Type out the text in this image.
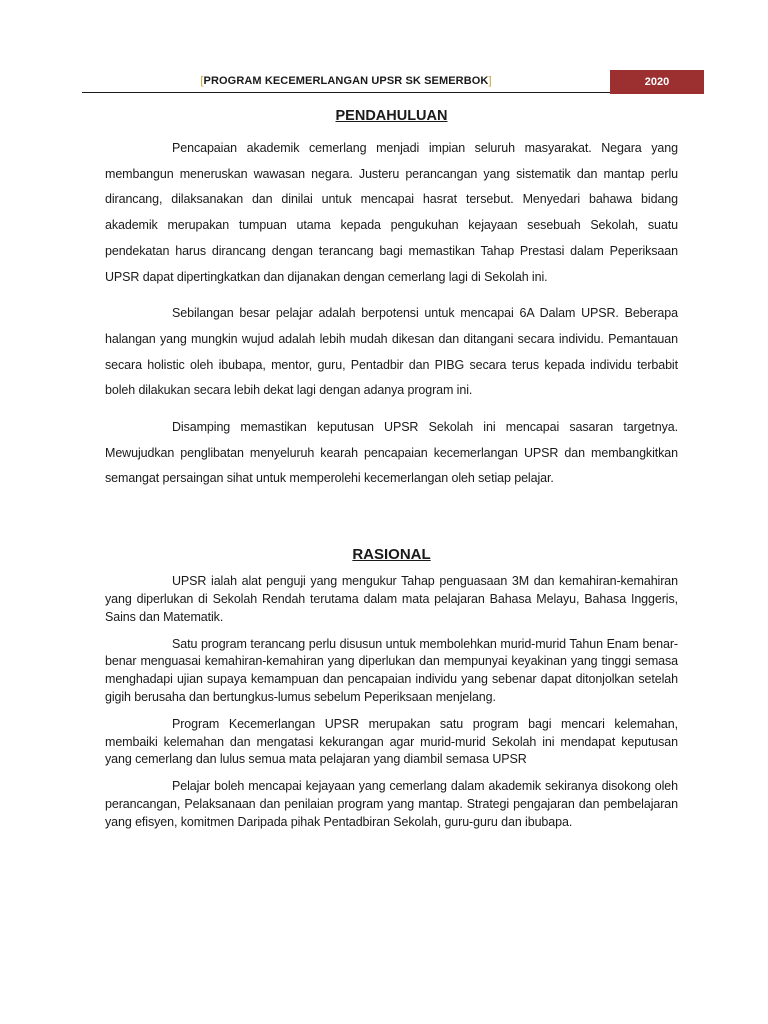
[PROGRAM KECEMERLANGAN UPSR SK SEMERBOK]	2020
PENDAHULUAN

Pencapaian akademik cemerlang menjadi impian seluruh masyarakat. Negara yang membangun meneruskan wawasan negara. Justeru perancangan yang sistematik dan mantap perlu dirancang, dilaksanakan dan dinilai untuk mencapai hasrat tersebut. Menyedari bahawa bidang akademik merupakan tumpuan utama kepada pengukuhan kejayaan sesebuah Sekolah, suatu pendekatan harus dirancang dengan terancang bagi memastikan Tahap Prestasi dalam Peperiksaan UPSR dapat dipertingkatkan dan dijanakan dengan cemerlang lagi di Sekolah ini.

Sebilangan besar pelajar adalah berpotensi untuk mencapai 6A Dalam UPSR. Beberapa halangan yang mungkin wujud adalah lebih mudah dikesan dan ditangani secara individu. Pemantauan secara holistic oleh ibubapa, mentor, guru, Pentadbir dan PIBG secara terus kepada individu terbabit boleh dilakukan secara lebih dekat lagi dengan adanya program ini.

Disamping memastikan keputusan UPSR Sekolah ini mencapai sasaran targetnya. Mewujudkan penglibatan menyeluruh kearah pencapaian kecemerlangan UPSR dan membangkitkan semangat persaingan sihat untuk memperolehi kecemerlangan oleh setiap pelajar.

RASIONAL

UPSR ialah alat penguji yang mengukur Tahap penguasaan 3M dan kemahiran-kemahiran yang diperlukan di Sekolah Rendah terutama dalam mata pelajaran Bahasa Melayu, Bahasa Inggeris, Sains dan Matematik.

Satu program terancang perlu disusun untuk membolehkan murid-murid Tahun Enam benar-benar menguasai kemahiran-kemahiran yang diperlukan dan mempunyai keyakinan yang tinggi semasa menghadapi ujian supaya kemampuan dan pencapaian individu yang sebenar dapat ditonjolkan setelah gigih berusaha dan bertungkus-lumus sebelum Peperiksaan menjelang.

Program Kecemerlangan UPSR merupakan satu program bagi mencari kelemahan, membaiki kelemahan dan mengatasi kekurangan agar murid-murid Sekolah ini mendapat keputusan yang cemerlang dan lulus semua mata pelajaran yang diambil semasa UPSR

Pelajar boleh mencapai kejayaan yang cemerlang dalam akademik sekiranya disokong oleh perancangan, Pelaksanaan dan penilaian program yang mantap. Strategi pengajaran dan pembelajaran yang efisyen, komitmen Daripada pihak Pentadbiran Sekolah, guru-guru dan ibubapa.
